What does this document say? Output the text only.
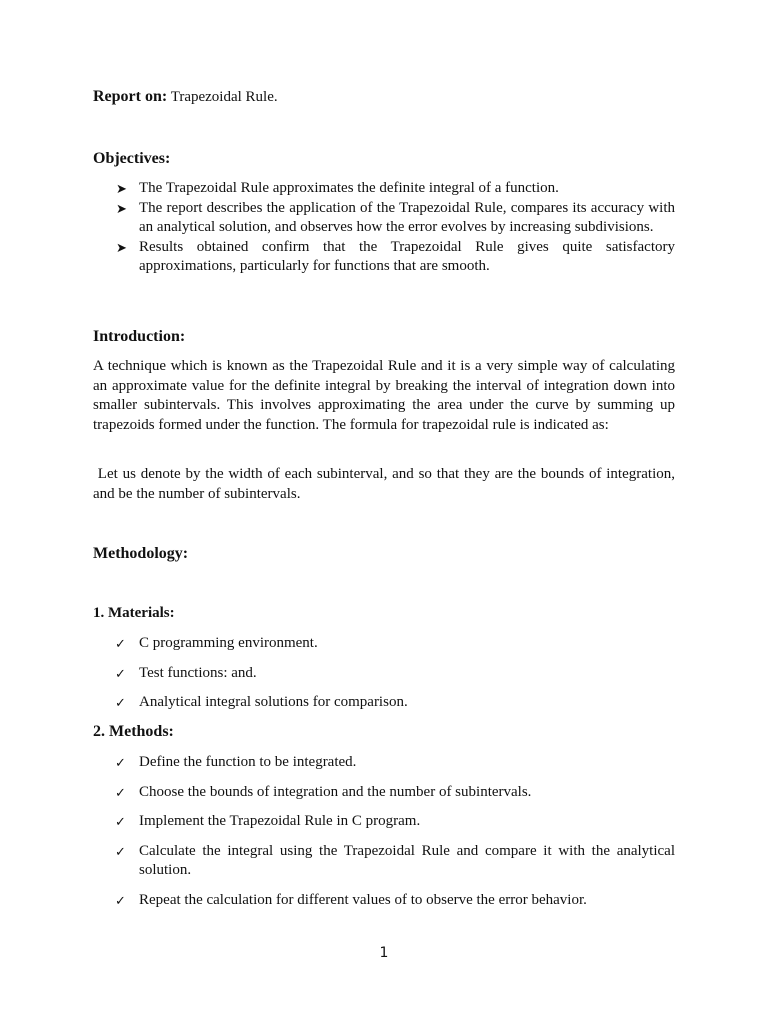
Report on: Trapezoidal Rule.
Objectives:
➤ The Trapezoidal Rule approximates the definite integral of a function.
➤ The report describes the application of the Trapezoidal Rule, compares its accuracy with an analytical solution, and observes how the error evolves by increasing subdivisions.
➤ Results obtained confirm that the Trapezoidal Rule gives quite satisfactory approximations, particularly for functions that are smooth.
Introduction:
A technique which is known as the Trapezoidal Rule and it is a very simple way of calculating an approximate value for the definite integral by breaking the interval of integration down into smaller subintervals. This involves approximating the area under the curve by summing up trapezoids formed under the function. The formula for trapezoidal rule is indicated as:
Let us denote by the width of each subinterval, and so that they are the bounds of integration, and be the number of subintervals.
Methodology:
1. Materials:
✓ C programming environment.
✓ Test functions: and.
✓ Analytical integral solutions for comparison.
2. Methods:
✓ Define the function to be integrated.
✓ Choose the bounds of integration and the number of subintervals.
✓ Implement the Trapezoidal Rule in C program.
✓ Calculate the integral using the Trapezoidal Rule and compare it with the analytical solution.
✓ Repeat the calculation for different values of to observe the error behavior.
1
